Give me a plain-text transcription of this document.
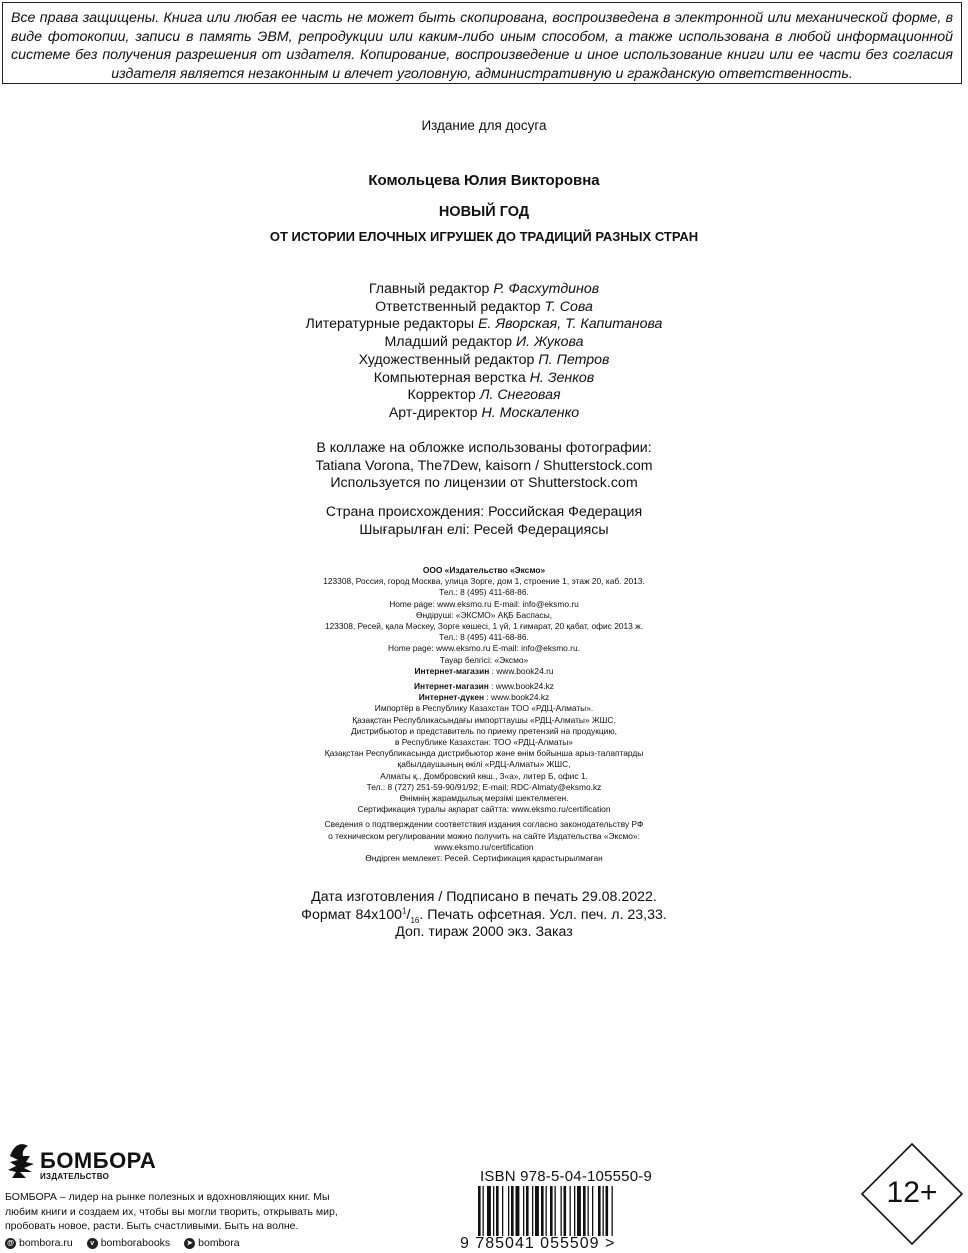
Все права защищены. Книга или любая ее часть не может быть скопирована, воспроизведена в электронной или механической форме, в виде фотокопии, записи в память ЭВМ, репродукции или каким-либо иным способом, а также использована в любой информационной системе без получения разрешения от издателя. Копирование, воспроизведение и иное использование книги или ее части без согласия издателя является незаконным и влечет уголовную, административную и гражданскую ответственность.
Издание для досуга
Комольцева Юлия Викторовна
НОВЫЙ ГОД
ОТ ИСТОРИИ ЕЛОЧНЫХ ИГРУШЕК ДО ТРАДИЦИЙ РАЗНЫХ СТРАН
Главный редактор Р. Фасхутдинов
Ответственный редактор Т. Сова
Литературные редакторы Е. Яворская, Т. Капитанова
Младший редактор И. Жукова
Художественный редактор П. Петров
Компьютерная верстка Н. Зенков
Корректор Л. Снеговая
Арт-директор Н. Москаленко
В коллаже на обложке использованы фотографии:
Tatiana Vorona, The7Dew, kaisorn / Shutterstock.com
Используется по лицензии от Shutterstock.com
Страна происхождения: Российская Федерация
Шығарылған елі: Ресей Федерациясы
ООО «Издательство «Эксмо»
123308, Россия, город Москва, улица Зорге, дом 1, строение 1, этаж 20, каб. 2013.
Тел.: 8 (495) 411-68-86.
Home page: www.eksmo.ru E-mail: info@eksmo.ru
Өндіруші: «ЭКСМО» АҚБ Баспасы,
123308, Ресей, қала Мәскеу, Зорге көшесі, 1 үй, 1 ғимарат, 20 қабат, офис 2013 ж.
Тел.: 8 (495) 411-68-86.
Home page: www.eksmo.ru E-mail: info@eksmo.ru.
Тауар белгісі: «Эксмо»
Интернет-магазин : www.book24.ru
Интернет-магазин : www.book24.kz
Интернет-дүкен : www.book24.kz
Импортёр в Республику Казахстан ТОО «РДЦ-Алматы».
Қазақстан Республикасындағы импорттаушы «РДЦ-Алматы» ЖШС.
Дистрибьютор и представитель по приему претензий на продукцию,
в Республике Казахстан: ТОО «РДЦ-Алматы»
Қазақстан Республикасында дистрибьютор және өнім бойынша арыз-талаптарды
қабылдаушының өкілі «РДЦ-Алматы» ЖШС,
Алматы қ., Домбровский көш., 3«а», литер Б, офис 1.
Тел.: 8 (727) 251-59-90/91/92; E-mail: RDC-Almaty@eksmo.kz
Өнімнің жарамдылық мерзімі шектелмеген.
Сертификация туралы ақпарат сайтта: www.eksmo.ru/certification
Сведения о подтверждении соответствия издания согласно законодательству РФ
о техническом регулировании можно получить на сайте Издательства «Эксмо»:
www.eksmo.ru/certification
Өндірген мемлекет: Ресей. Сертификация қарастырылмаған
Дата изготовления / Подписано в печать 29.08.2022.
Формат $84x100^1/_{16}$. Печать офсетная. Усл. печ. л. 23,33.
Доп. тираж 2000 экз. Заказ
БОМБОРА
ИЗДАТЕЛЬСТВО
БОМБОРА – лидер на рынке полезных и вдохновляющих книг. Мы любим книги и создаем их, чтобы вы могли творить, открывать мир, пробовать новое, расти. Быть счастливыми. Быть на волне.
@ bombora.ru	v bomborabooks	➤ bombora
ISBN 978-5-04-105550-9
9 785041 055509 >
12+
